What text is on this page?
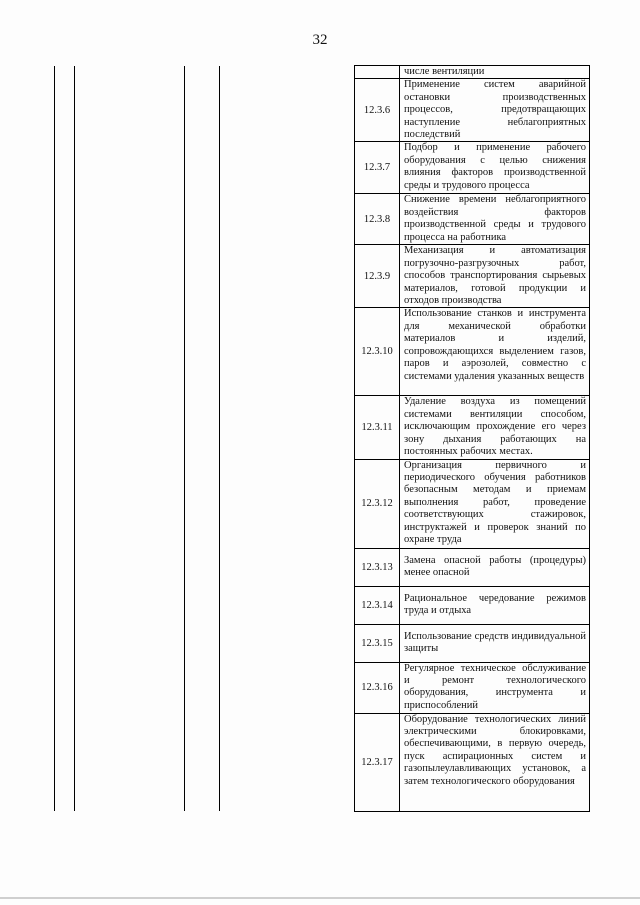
32
					числе вентиляции
				12.3.6	Применение систем аварийной остановки производственных процессов, предотвращающих наступление неблагоприятных последствий
				12.3.7	Подбор и применение рабочего оборудования с целью снижения влияния факторов производственной среды и трудового процесса
				12.3.8	Снижение времени неблагоприятного воздействия факторов производственной среды и трудового процесса на работника
				12.3.9	Механизация и автоматизация погрузочно-разгрузочных работ, способов транспортирования сырьевых материалов, готовой продукции и отходов производства
				12.3.10	Использование станков и инструмента для механической обработки материалов и изделий, сопровождающихся выделением газов, паров и аэрозолей, совместно с системами удаления указанных веществ
				12.3.11	Удаление воздуха из помещений системами вентиляции способом, исключающим прохождение его через зону дыхания работающих на постоянных рабочих местах.
				12.3.12	Организация первичного и периодического обучения работников безопасным методам и приемам выполнения работ, проведение соответствующих стажировок, инструктажей и проверок знаний по охране труда
				12.3.13	Замена опасной работы (процедуры) менее опасной
				12.3.14	Рациональное чередование режимов труда и отдыха
				12.3.15	Использование средств индивидуальной защиты
				12.3.16	Регулярное техническое обслуживание и ремонт технологического оборудования, инструмента и приспособлений
				12.3.17	Оборудование технологических линий электрическими блокировками, обеспечивающими, в первую очередь, пуск аспирационных систем и газопылеулавливающих установок, а затем технологического оборудования
